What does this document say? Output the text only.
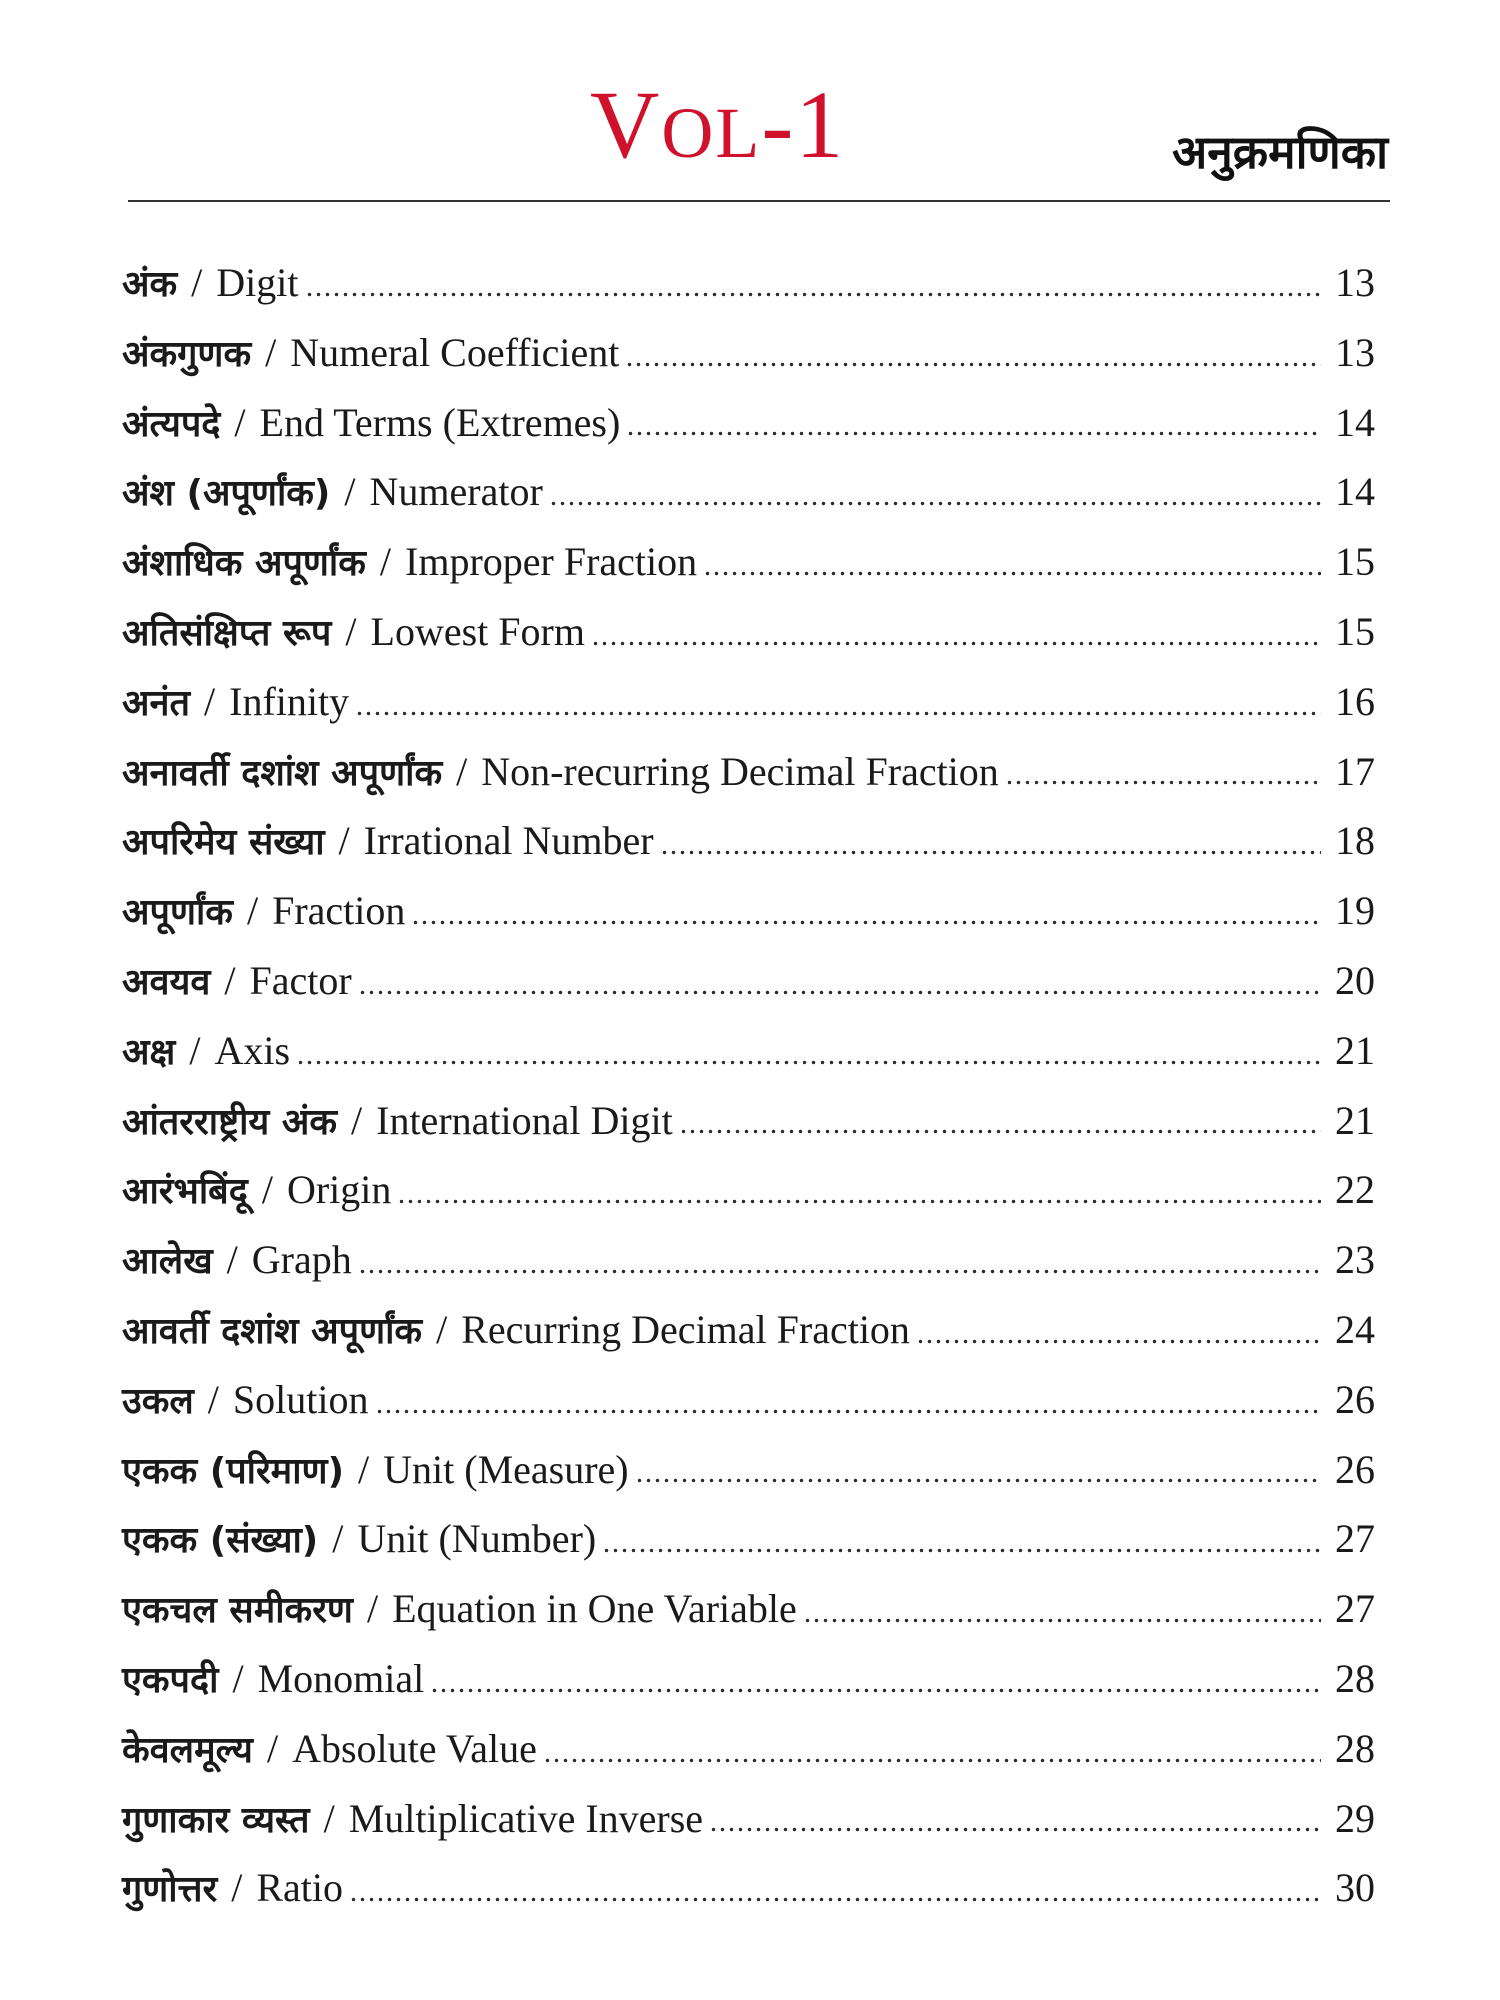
VOL-1	अनुक्रमणिका
अंक / Digit	13
अंकगुणक / Numeral Coefficient	13
अंत्यपदे / End Terms (Extremes)	14
अंश (अपूर्णांक) / Numerator	14
अंशाधिक अपूर्णांक / Improper Fraction	15
अतिसंक्षिप्त रूप / Lowest Form	15
अनंत / Infinity	16
अनावर्ती दशांश अपूर्णांक / Non-recurring Decimal Fraction	17
अपरिमेय संख्या / Irrational Number	18
अपूर्णांक / Fraction	19
अवयव / Factor	20
अक्ष / Axis	21
आंतरराष्ट्रीय अंक / International Digit	21
आरंभबिंदू / Origin	22
आलेख / Graph	23
आवर्ती दशांश अपूर्णांक / Recurring Decimal Fraction	24
उकल / Solution	26
एकक (परिमाण) / Unit (Measure)	26
एकक (संख्या) / Unit (Number)	27
एकचल समीकरण / Equation in One Variable	27
एकपदी / Monomial	28
केवलमूल्य / Absolute Value	28
गुणाकार व्यस्त / Multiplicative Inverse	29
गुणोत्तर / Ratio	30
